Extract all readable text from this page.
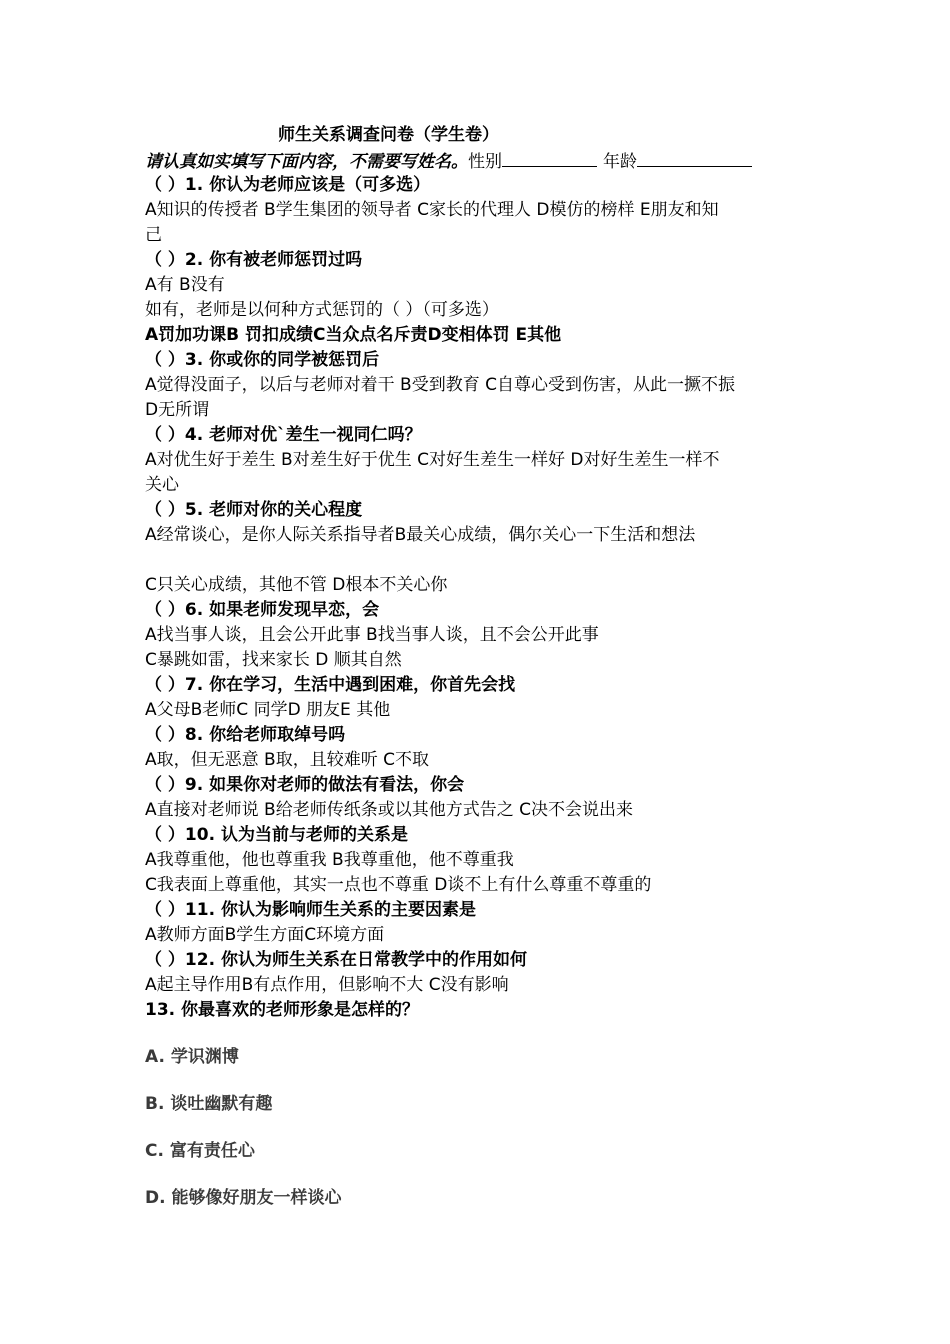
师生关系调查问卷（学生卷）
请认真如实填写下面内容，不需要写姓名。性别	年龄
（ ）1. 你认为老师应该是（可多选）
A知识的传授者 B学生集团的领导者 C家长的代理人 D模仿的榜样 E朋友和知
己
（ ）2. 你有被老师惩罚过吗
A有 B没有
如有，老师是以何种方式惩罚的（ ）（可多选）
A罚加功课B 罚扣成绩C当众点名斥责D变相体罚 E其他
（ ）3. 你或你的同学被惩罚后
A觉得没面子，以后与老师对着干 B受到教育 C自尊心受到伤害，从此一撅不振
D无所谓
（ ）4. 老师对优`差生一视同仁吗？
A对优生好于差生 B对差生好于优生 C对好生差生一样好 D对好生差生一样不
关心
（ ）5. 老师对你的关心程度
A经常谈心，是你人际关系指导者B最关心成绩，偶尔关心一下生活和想法
C只关心成绩，其他不管 D根本不关心你
（ ）6. 如果老师发现早恋，会
A找当事人谈，且会公开此事 B找当事人谈，且不会公开此事
C暴跳如雷，找来家长 D 顺其自然
（ ）7. 你在学习，生活中遇到困难，你首先会找
A父母B老师C 同学D 朋友E 其他
（ ）8. 你给老师取绰号吗
A取，但无恶意 B取，且较难听 C不取
（ ）9. 如果你对老师的做法有看法，你会
A直接对老师说 B给老师传纸条或以其他方式告之 C决不会说出来
（ ）10. 认为当前与老师的关系是
A我尊重他，他也尊重我 B我尊重他，他不尊重我
C我表面上尊重他，其实一点也不尊重 D谈不上有什么尊重不尊重的
（ ）11. 你认为影响师生关系的主要因素是
A教师方面B学生方面C环境方面
（ ）12. 你认为师生关系在日常教学中的作用如何
A起主导作用B有点作用，但影响不大 C没有影响
13. 你最喜欢的老师形象是怎样的？
A. 学识渊博
B. 谈吐幽默有趣
C. 富有责任心
D. 能够像好朋友一样谈心
